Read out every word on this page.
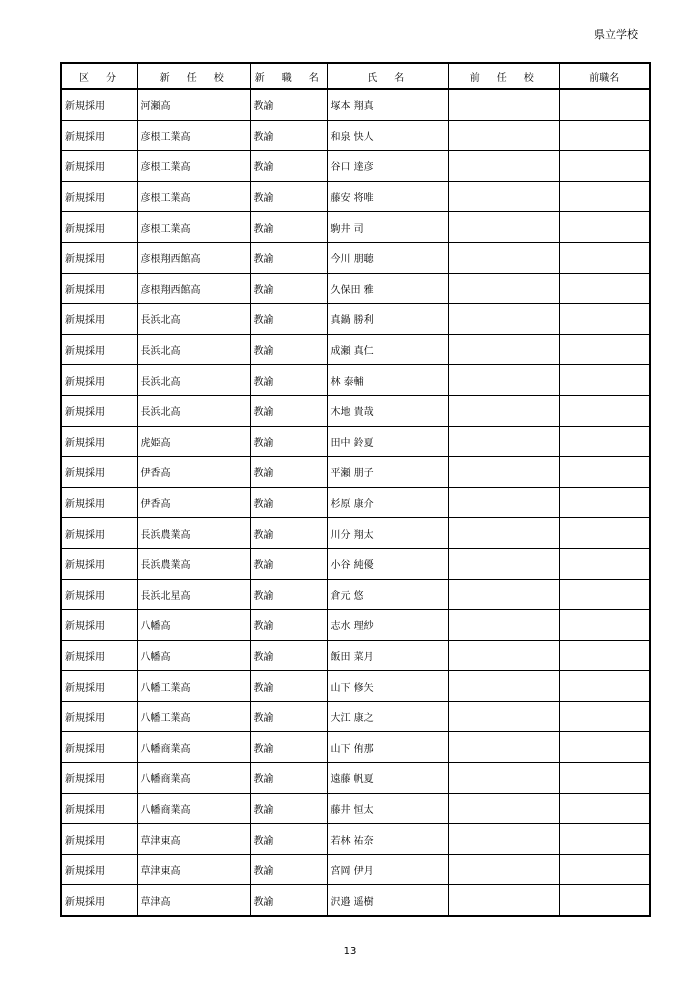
県立学校
区　分	新　任　校	新　職　名	氏　名	前　任　校	前職名
新規採用	河瀬高	教諭	塚本 翔真		
新規採用	彦根工業高	教諭	和泉 快人		
新規採用	彦根工業高	教諭	谷口 達彦		
新規採用	彦根工業高	教諭	藤安 将唯		
新規採用	彦根工業高	教諭	駒井 司		
新規採用	彦根翔西館高	教諭	今川 朋聴		
新規採用	彦根翔西館高	教諭	久保田 雅		
新規採用	長浜北高	教諭	真鍋 勝利		
新規採用	長浜北高	教諭	成瀬 真仁		
新規採用	長浜北高	教諭	林 泰輔		
新規採用	長浜北高	教諭	木地 貴哉		
新規採用	虎姫高	教諭	田中 鈴夏		
新規採用	伊香高	教諭	平瀬 朋子		
新規採用	伊香高	教諭	杉原 康介		
新規採用	長浜農業高	教諭	川分 翔太		
新規採用	長浜農業高	教諭	小谷 純優		
新規採用	長浜北星高	教諭	倉元 悠		
新規採用	八幡高	教諭	志水 理紗		
新規採用	八幡高	教諭	飯田 菜月		
新規採用	八幡工業高	教諭	山下 修矢		
新規採用	八幡工業高	教諭	大江 康之		
新規採用	八幡商業高	教諭	山下 侑那		
新規採用	八幡商業高	教諭	遠藤 帆夏		
新規採用	八幡商業高	教諭	藤井 恒太		
新規採用	草津東高	教諭	若林 祐奈		
新規採用	草津東高	教諭	宮岡 伊月		
新規採用	草津高	教諭	沢邉 遥樹		
13
